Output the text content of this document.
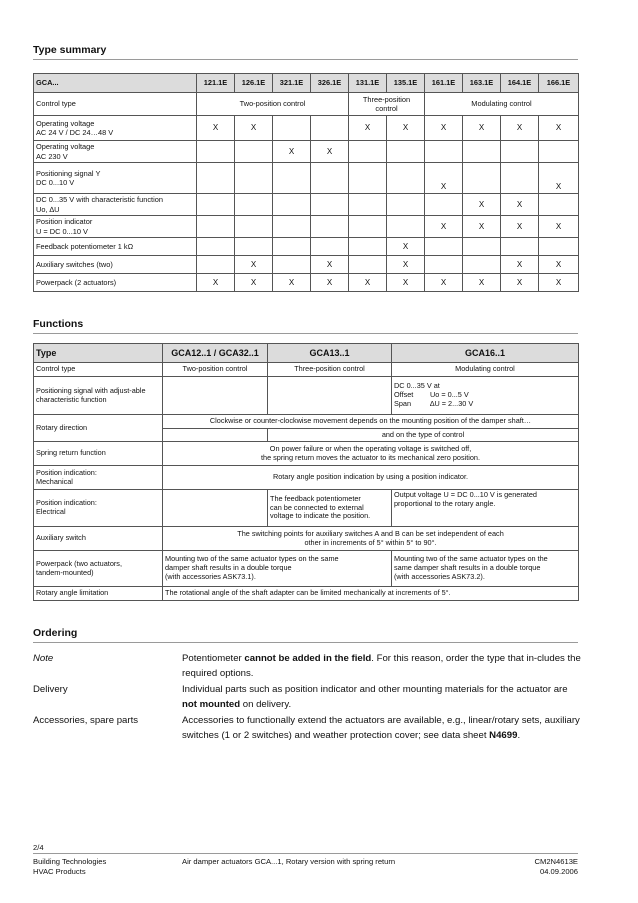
Type summary
GCA...	121.1E	126.1E	321.1E	326.1E	131.1E	135.1E	161.1E	163.1E	164.1E	166.1E
Control type	Two-position control				Three-position control		Modulating control			
Operating voltage
AC 24 V / DC 24…48 V	X	X			X	X	X	X	X	X
Operating voltage
AC 230 V			X	X						
Positioning signal Y
DC 0...10 V							X			X
DC 0...35 V with characteristic function
Uo, ∆U								X	X	
Position indicator
U = DC 0...10 V							X	X	X	X
Feedback potentiometer 1 kΩ						X				
Auxiliary switches (two)		X		X		X			X	X
Powerpack (2 actuators)	X	X	X	X	X	X	X	X	X	X
Functions
Type	GCA12..1 / GCA32..1	GCA13..1	GCA16..1
Control type	Two-position control	Three-position control	Modulating control
Positioning signal with adjust-able characteristic function			DC 0...35 V at
Offset Uo = 0...5 V
Span ∆U = 2...30 V

Rotary direction	Clockwise or counter-clockwise movement depends on the mounting position of the damper shaft…		
		and on the type of control	
Spring return function	On power failure or when the operating voltage is switched off,
the spring return moves the actuator to its mechanical zero position.		

Position indication:
Mechanical	Rotary angle position indication by using a position indicator.		
Position indication:
Electrical		The feedback potentiometer
can be connected to external
voltage to indicate the position.	Output voltage U = DC 0...10 V is generated
proportional to the rotary angle.
Auxiliary switch	The switching points for auxiliary switches A and B can be set independent of each
other in increments of 5° within 5° to 90°.		

Powerpack (two actuators,
tandem-mounted)	Mounting two of the same actuator types on the same
damper shaft results in a double torque
(with accessories ASK73.1).		Mounting two of the same actuator types on the
same damper shaft results in a double torque
(with accessories ASK73.2).
Rotary angle limitation	The rotational angle of the shaft adapter can be limited mechanically at increments of 5°.		
Ordering
Note	Potentiometer cannot be added in the field. For this reason, order the type that in-cludes the required options.
Delivery	Individual parts such as position indicator and other mounting materials for the actuator are not mounted on delivery.
Accessories, spare parts	Accessories to functionally extend the actuators are available, e.g., linear/rotary sets, auxiliary switches (1 or 2 switches) and weather protection cover; see data sheet N4699.
2/4
Building Technologies
HVAC Products
Air damper actuators GCA...1, Rotary version with spring return	CM2N4613E
04.09.2006
